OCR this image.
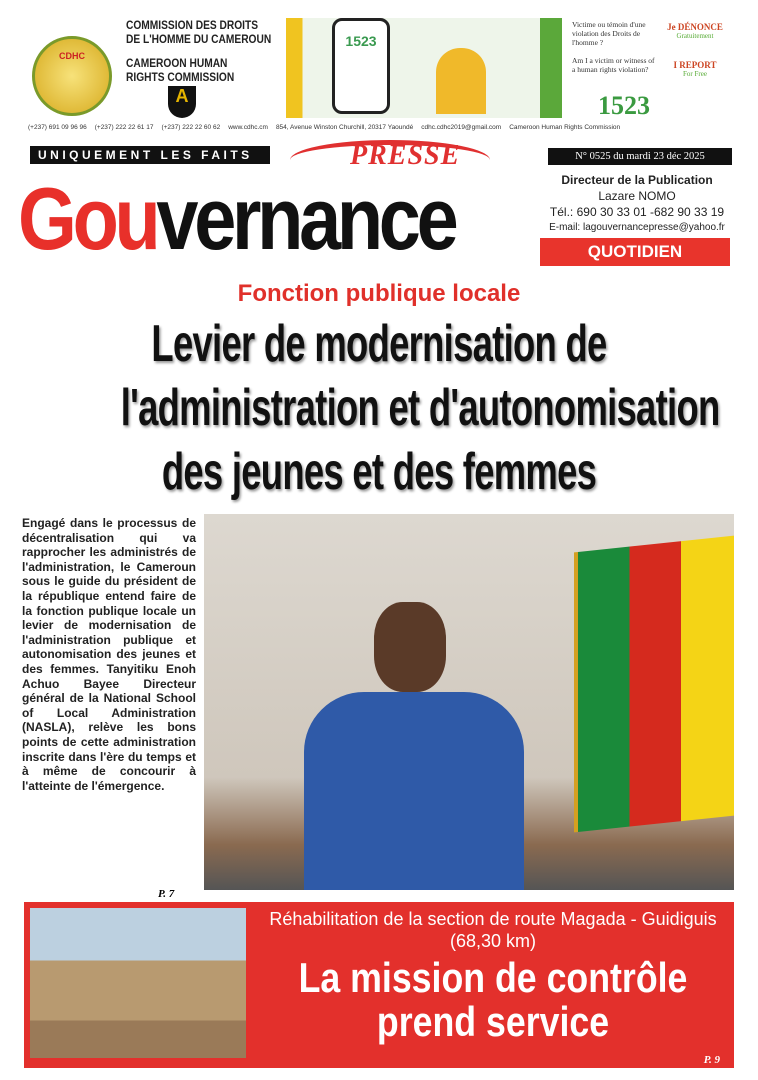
CDHC
COMMISSION DES DROITS
DE L'HOMME DU CAMEROUN
CAMEROON HUMAN
RIGHTS COMMISSION
A
1523
Victime ou témoin d'une violation des Droits de l'homme ?
Am I a victim or witness of a human rights violation?
Je DÉNONCE
Gratuitement
I REPORT
For Free
1523
(+237) 691 09 96 96 (+237) 222 22 61 17 (+237) 222 22 60 62 www.cdhc.cm 854, Avenue Winston Churchill, 20317 Yaoundé cdhc.cdhc2019@gmail.com Cameroon Human Rights Commission
UNIQUEMENT LES FAITS	PRESSE
Gouvernance
N° 0525 du mardi 23 déc 2025
Directeur de la Publication
Lazare NOMO
Tél.: 690 30 33 01 -682 90 33 19
E-mail: lagouvernancepresse@yahoo.fr
QUOTIDIEN
Fonction publique locale
Levier de modernisation de
l'administration et d'autonomisation
des jeunes et des femmes
Engagé dans le processus de décentralisation qui va rapprocher les administrés de l'administration, le Cameroun sous le guide du président de la république entend faire de la fonction publique locale un levier de modernisation de l'administration publique et autonomisation des jeunes et des femmes. Tanyitiku Enoh Achuo Bayee Directeur général de la National School of Local Administration (NASLA), relève les bons points de cette administration inscrite dans l'ère du temps et à même de concourir à l'atteinte de l'émergence.
P. 7
Réhabilitation de la section de route Magada - Guidiguis (68,30 km)
La mission de contrôle
prend service
P. 9
